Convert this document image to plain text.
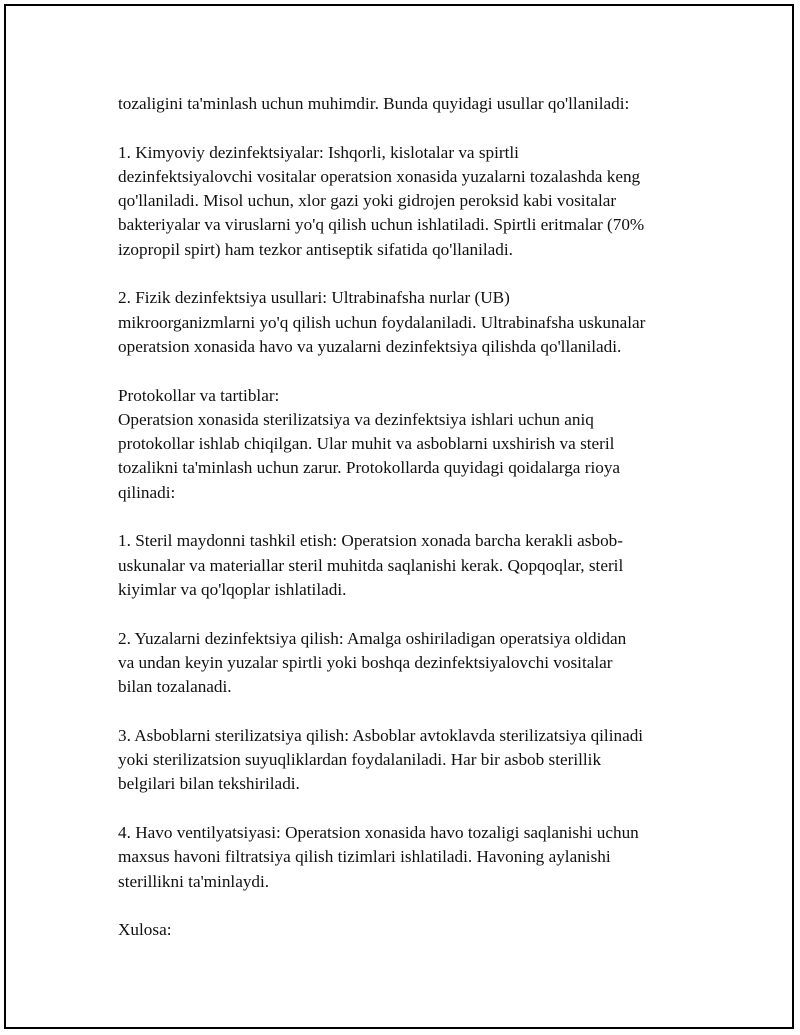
tozaligini ta'minlash uchun muhimdir. Bunda quyidagi usullar qo'llaniladi:
1. Kimyoviy dezinfektsiyalar: Ishqorli, kislotalar va spirtli
dezinfektsiyalovchi vositalar operatsion xonasida yuzalarni tozalashda keng
qo'llaniladi. Misol uchun, xlor gazi yoki gidrojen peroksid kabi vositalar
bakteriyalar va viruslarni yo'q qilish uchun ishlatiladi. Spirtli eritmalar (70%
izopropil spirt) ham tezkor antiseptik sifatida qo'llaniladi.
2. Fizik dezinfektsiya usullari: Ultrabinafsha nurlar (UB)
mikroorganizmlarni yo'q qilish uchun foydalaniladi. Ultrabinafsha uskunalar
operatsion xonasida havo va yuzalarni dezinfektsiya qilishda qo'llaniladi.
Protokollar va tartiblar:
Operatsion xonasida sterilizatsiya va dezinfektsiya ishlari uchun aniq
protokollar ishlab chiqilgan. Ular muhit va asboblarni uxshirish va steril
tozalikni ta'minlash uchun zarur. Protokollarda quyidagi qoidalarga rioya
qilinadi:
1. Steril maydonni tashkil etish: Operatsion xonada barcha kerakli asbob-
uskunalar va materiallar steril muhitda saqlanishi kerak. Qopqoqlar, steril
kiyimlar va qo'lqoplar ishlatiladi.
2. Yuzalarni dezinfektsiya qilish: Amalga oshiriladigan operatsiya oldidan
va undan keyin yuzalar spirtli yoki boshqa dezinfektsiyalovchi vositalar
bilan tozalanadi.
3. Asboblarni sterilizatsiya qilish: Asboblar avtoklavda sterilizatsiya qilinadi
yoki sterilizatsion suyuqliklardan foydalaniladi. Har bir asbob sterillik
belgilari bilan tekshiriladi.
4. Havo ventilyatsiyasi: Operatsion xonasida havo tozaligi saqlanishi uchun
maxsus havoni filtratsiya qilish tizimlari ishlatiladi. Havoning aylanishi
sterillikni ta'minlaydi.
Xulosa:
